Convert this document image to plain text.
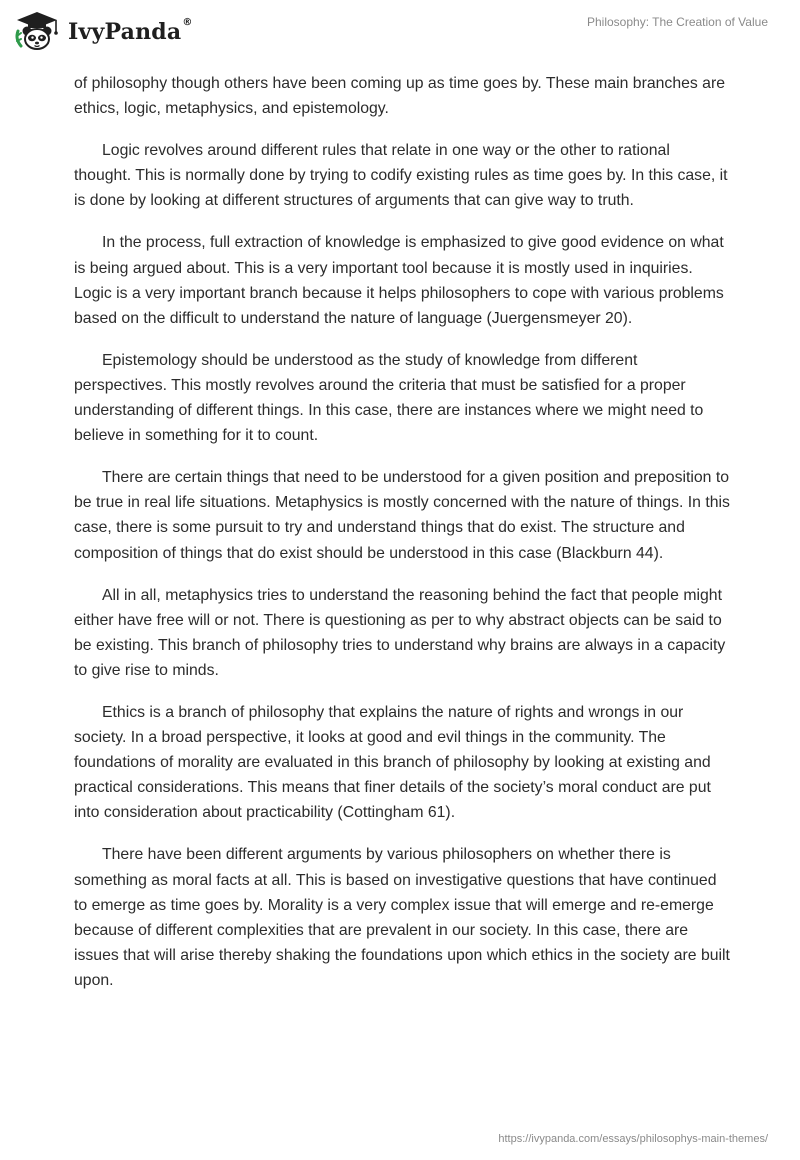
IvyPanda®	Philosophy: The Creation of Value

of philosophy though others have been coming up as time goes by. These main branches are ethics, logic, metaphysics, and epistemology.

Logic revolves around different rules that relate in one way or the other to rational thought. This is normally done by trying to codify existing rules as time goes by. In this case, it is done by looking at different structures of arguments that can give way to truth.

In the process, full extraction of knowledge is emphasized to give good evidence on what is being argued about. This is a very important tool because it is mostly used in inquiries. Logic is a very important branch because it helps philosophers to cope with various problems based on the difficult to understand the nature of language (Juergensmeyer 20).

Epistemology should be understood as the study of knowledge from different perspectives. This mostly revolves around the criteria that must be satisfied for a proper understanding of different things. In this case, there are instances where we might need to believe in something for it to count.

There are certain things that need to be understood for a given position and preposition to be true in real life situations. Metaphysics is mostly concerned with the nature of things. In this case, there is some pursuit to try and understand things that do exist. The structure and composition of things that do exist should be understood in this case (Blackburn 44).

All in all, metaphysics tries to understand the reasoning behind the fact that people might either have free will or not. There is questioning as per to why abstract objects can be said to be existing. This branch of philosophy tries to understand why brains are always in a capacity to give rise to minds.

Ethics is a branch of philosophy that explains the nature of rights and wrongs in our society. In a broad perspective, it looks at good and evil things in the community. The foundations of morality are evaluated in this branch of philosophy by looking at existing and practical considerations. This means that finer details of the society’s moral conduct are put into consideration about practicability (Cottingham 61).

There have been different arguments by various philosophers on whether there is something as moral facts at all. This is based on investigative questions that have continued to emerge as time goes by. Morality is a very complex issue that will emerge and re-emerge because of different complexities that are prevalent in our society. In this case, there are issues that will arise thereby shaking the foundations upon which ethics in the society are built upon.

https://ivypanda.com/essays/philosophys-main-themes/
